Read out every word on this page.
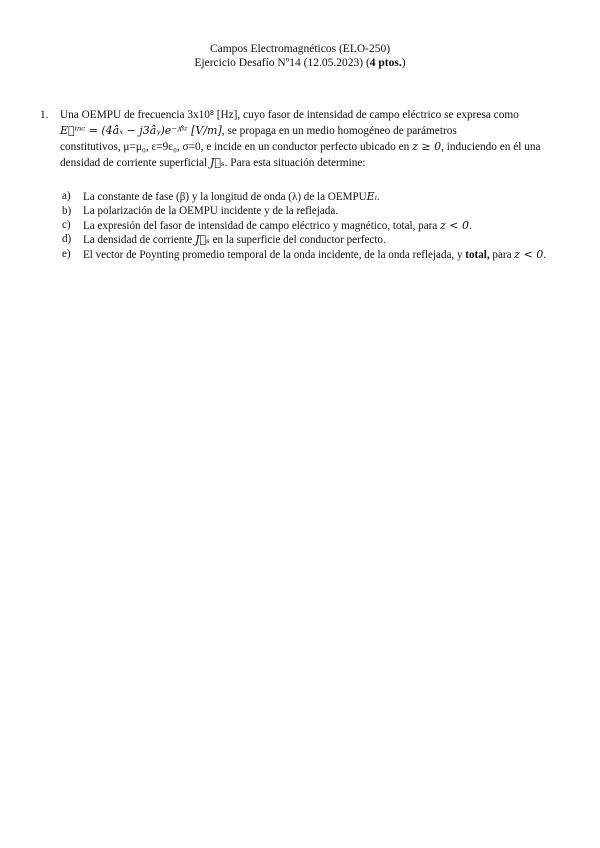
Campos Electromagnéticos (ELO-250)
Ejercicio Desafío Nº14 (12.05.2023) (4 ptos.)
1. Una OEMPU de frecuencia 3x10⁸ [Hz], cuyo fasor de intensidad de campo eléctrico se expresa como
E⃗ⁱⁿᶜ = (4âₓ − j3âᵧ)e⁻ʲᵝᶻ [V/m], se propaga en un medio homogéneo de parámetros
constitutivos, μ=μ₀, ε=9ε₀, σ=0, e incide en un conductor perfecto ubicado en z ≥ 0, induciendo en él una
densidad de corriente superficial J⃗ₛ. Para esta situación determine:
a)	La constante de fase (β) y la longitud de onda (λ) de la OEMPUEᵢ.
b)	La polarización de la OEMPU incidente y de la reflejada.
c)	La expresión del fasor de intensidad de campo eléctrico y magnético, total, para z < 0.
d)	La densidad de corriente J⃗ₛ en la superficie del conductor perfecto.
e)	El vector de Poynting promedio temporal de la onda incidente, de la onda reflejada, y total, para z < 0.
